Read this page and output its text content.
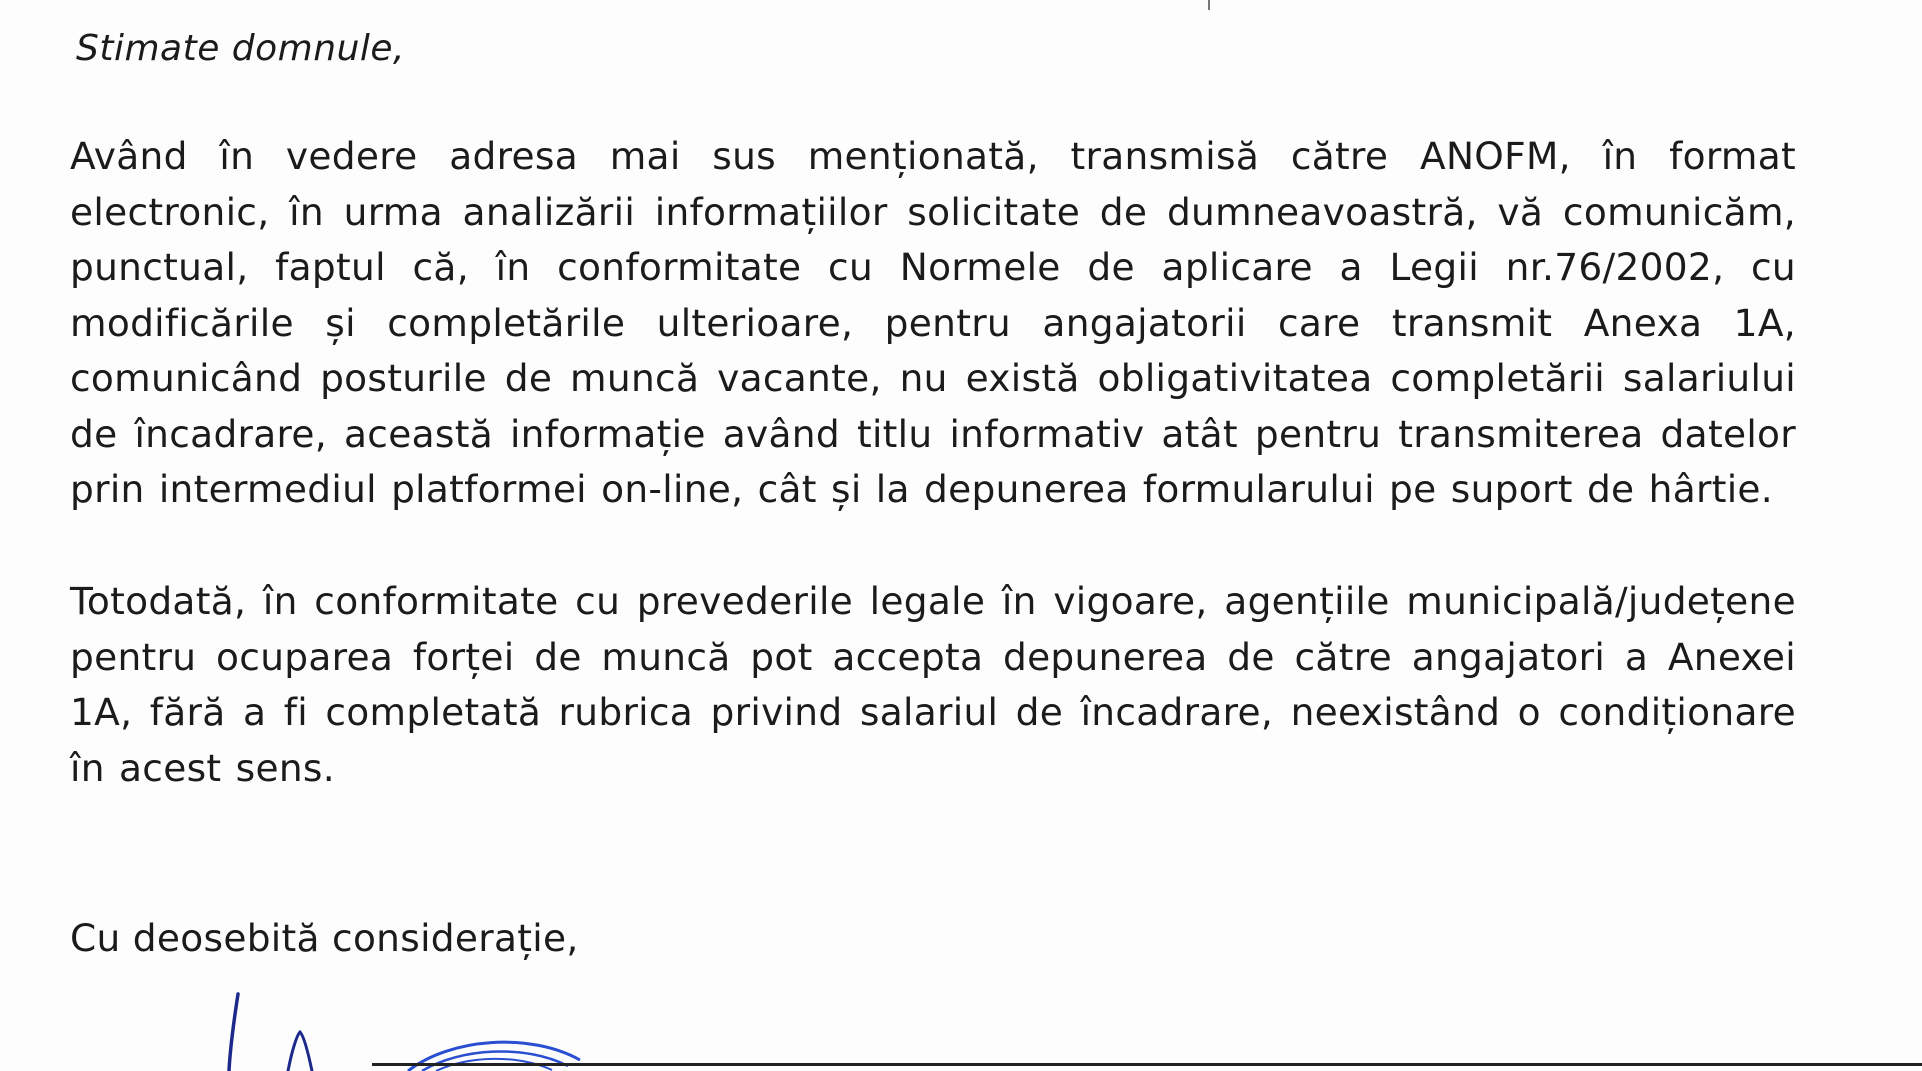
Stimate domnule,
Având în vedere adresa mai sus menționată, transmisă către ANOFM, în format electronic, în urma analizării informațiilor solicitate de dumneavoastră, vă comunicăm, punctual, faptul că, în conformitate cu Normele de aplicare a Legii nr.76/2002, cu modificările și completările ulterioare, pentru angajatorii care transmit Anexa 1A, comunicând posturile de muncă vacante, nu există obligativitatea completării salariului de încadrare, această informație având titlu informativ atât pentru transmiterea datelor prin intermediul platformei on-line, cât și la depunerea formularului pe suport de hârtie.
Totodată, în conformitate cu prevederile legale în vigoare, agențiile municipală/județene pentru ocuparea forței de muncă pot accepta depunerea de către angajatori a Anexei 1A, fără a fi completată rubrica privind salariul de încadrare, neexistând o condiționare în acest sens.
Cu deosebită considerație,
